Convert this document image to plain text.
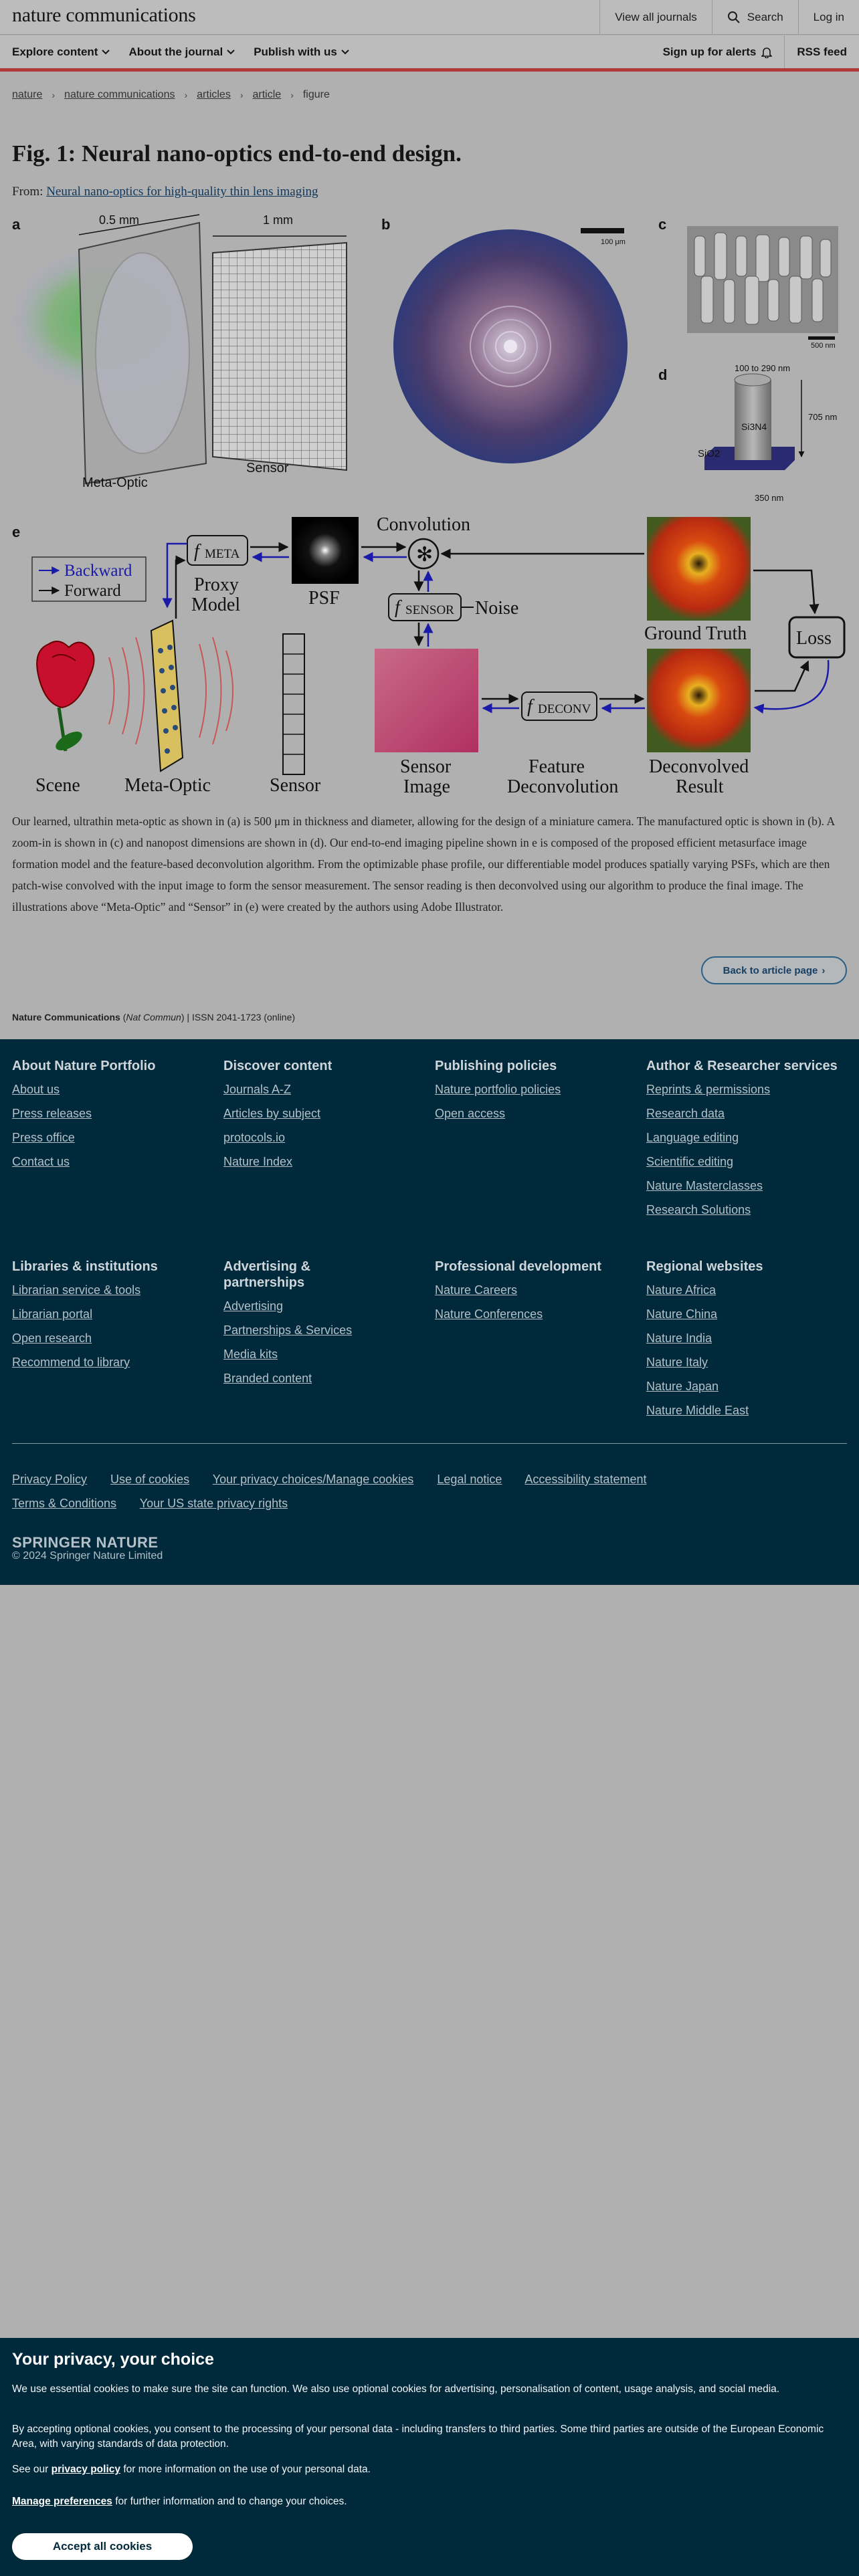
nature communications	View all journals	Search	Log in
Explore content	About the journal	Publish with us	Sign up for alerts	RSS feed
nature › nature communications › articles › article › figure
Fig. 1: Neural nano-optics end-to-end design.
From: Neural nano-optics for high-quality thin lens imaging
a	0.5 mm	1 mm
Meta-Optic
Sensor
b
100 μm
c
500 nm
d	100 to 290 nm
705 nm
350 nm
Si3N4
SiO2
e
Backward
Forward
f META
Proxy
Model	PSF
Convolution
✻
f SENSOR Noise
Ground Truth	Loss
Scene Meta-Optic	Sensor
Sensor
Image
f DECONV
Feature
Deconvolution
Deconvolved
Result

Our learned, ultrathin meta-optic as shown in (a) is 500 μm in thickness and diameter, allowing for the design of a miniature camera. The manufactured optic is shown in (b). A zoom-in is shown in (c) and nanopost dimensions are shown in (d). Our end-to-end imaging pipeline shown in e is composed of the proposed efficient metasurface image formation model and the feature-based deconvolution algorithm. From the optimizable phase profile, our differentiable model produces spatially varying PSFs, which are then patch-wise convolved with the input image to form the sensor measurement. The sensor reading is then deconvolved using our algorithm to produce the final image. The illustrations above “Meta-Optic” and “Sensor” in (e) were created by the authors using Adobe Illustrator.

Back to article page ›
Nature Communications (Nat Commun) | ISSN 2041-1723 (online)
About Nature Portfolio
About us
Press releases
Press office
Contact us
Discover content
Journals A-Z
Articles by subject
protocols.io
Nature Index
Publishing policies
Nature portfolio policies
Open access
Author & Researcher services
Reprints & permissions
Research data
Language editing
Scientific editing
Nature Masterclasses
Research Solutions
Libraries & institutions
Librarian service & tools
Librarian portal
Open research
Recommend to library
Advertising & partnerships
Advertising
Partnerships & Services
Media kits
Branded content
Professional development
Nature Careers
Nature Conferences
Regional websites
Nature Africa
Nature China
Nature India
Nature Italy
Nature Japan
Nature Middle East
Privacy Policy Use of cookies Your privacy choices/Manage cookies Legal notice Accessibility statement
Terms & Conditions Your US state privacy rights
SPRINGER NATURE
© 2024 Springer Nature Limited
Your privacy, your choice

We use essential cookies to make sure the site can function. We also use optional cookies for advertising, personalisation of content, usage analysis, and social media.

By accepting optional cookies, you consent to the processing of your personal data - including transfers to third parties. Some third parties are outside of the European Economic Area, with varying standards of data protection.

See our privacy policy for more information on the use of your personal data.

Manage preferences for further information and to change your choices.

Accept all cookies
